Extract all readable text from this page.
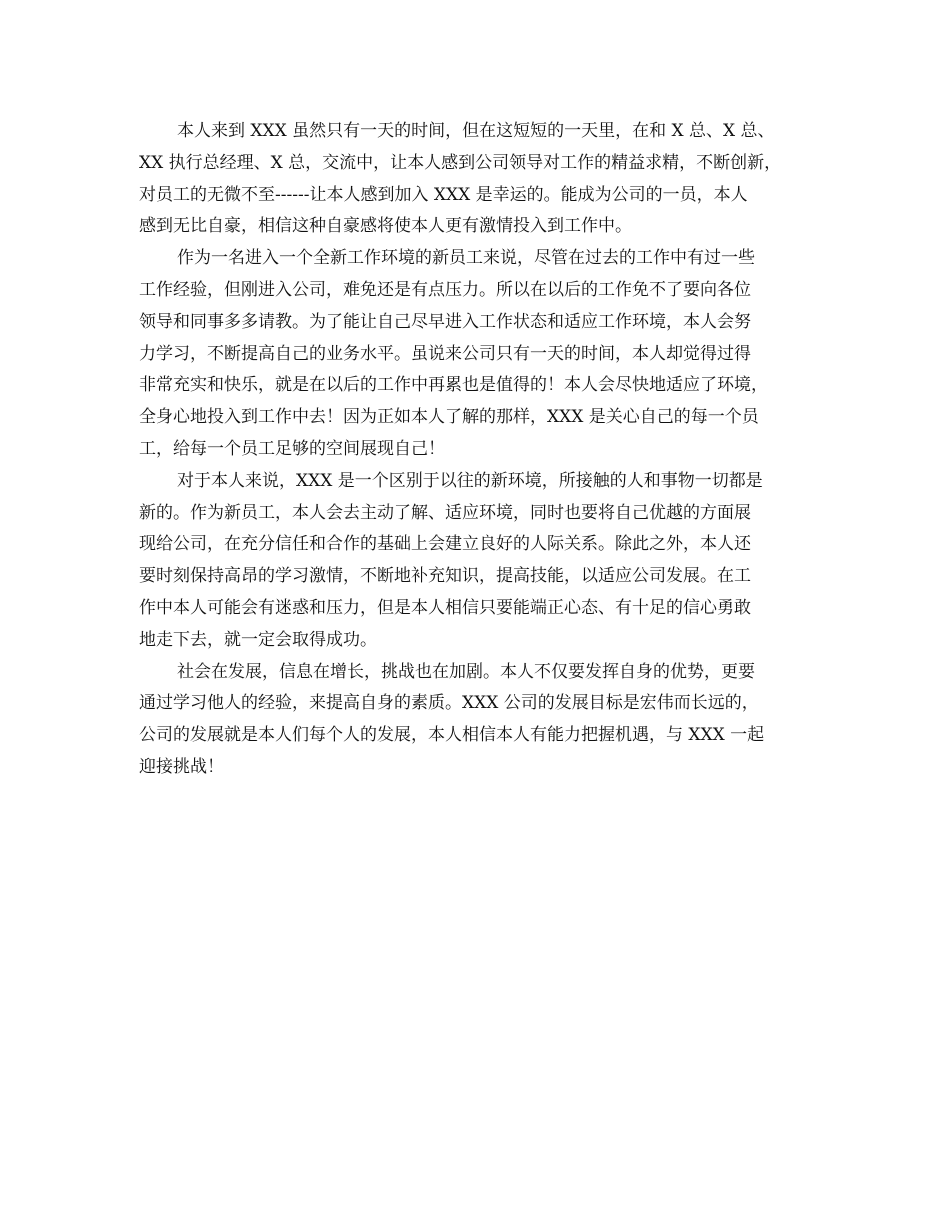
本人来到 XXX 虽然只有一天的时间，但在这短短的一天里，在和 X 总、X 总、
XX 执行总经理、X 总，交流中，让本人感到公司领导对工作的精益求精，不断创新，
对员工的无微不至------让本人感到加入 XXX 是幸运的。能成为公司的一员，本人
感到无比自豪，相信这种自豪感将使本人更有激情投入到工作中。
作为一名进入一个全新工作环境的新员工来说，尽管在过去的工作中有过一些
工作经验，但刚进入公司，难免还是有点压力。所以在以后的工作免不了要向各位
领导和同事多多请教。为了能让自己尽早进入工作状态和适应工作环境，本人会努
力学习，不断提高自己的业务水平。虽说来公司只有一天的时间，本人却觉得过得
非常充实和快乐，就是在以后的工作中再累也是值得的！本人会尽快地适应了环境，
全身心地投入到工作中去！因为正如本人了解的那样，XXX 是关心自己的每一个员
工，给每一个员工足够的空间展现自己！
对于本人来说，XXX 是一个区别于以往的新环境，所接触的人和事物一切都是
新的。作为新员工，本人会去主动了解、适应环境，同时也要将自己优越的方面展
现给公司，在充分信任和合作的基础上会建立良好的人际关系。除此之外，本人还
要时刻保持高昂的学习激情，不断地补充知识，提高技能，以适应公司发展。在工
作中本人可能会有迷惑和压力，但是本人相信只要能端正心态、有十足的信心勇敢
地走下去，就一定会取得成功。
社会在发展，信息在增长，挑战也在加剧。本人不仅要发挥自身的优势，更要
通过学习他人的经验，来提高自身的素质。XXX 公司的发展目标是宏伟而长远的，
公司的发展就是本人们每个人的发展，本人相信本人有能力把握机遇，与 XXX 一起
迎接挑战！
